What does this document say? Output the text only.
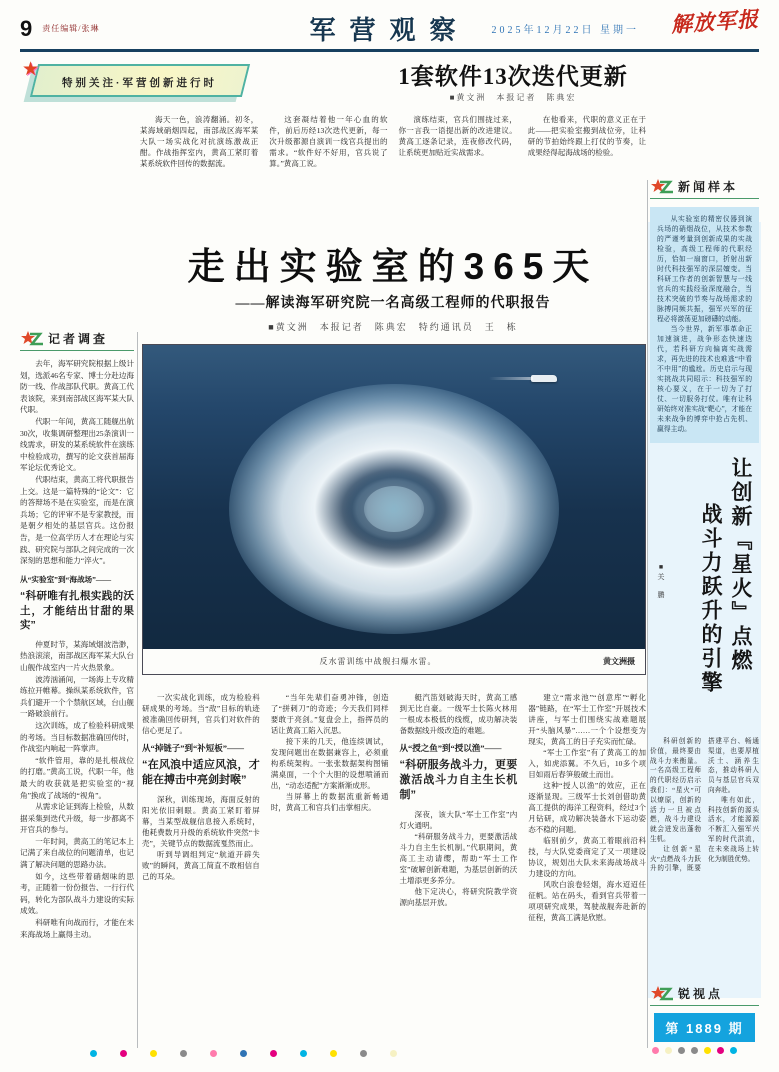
9 责任编辑/张琳	军营观察	2025年12月22日 星期一 解放军报
★
特别关注·军营创新进行时	1套软件13次迭代更新
■黄文洲　本报记者　陈典宏

海天一色，浪涛翻涌。初冬，某海域硝烟四起，南部战区海军某大队一场实战化对抗演练激战正酣。作战指挥室内，黄高工紧盯着某系统软件回传的数据流。

这套凝结着他一年心血的软件，前后历经13次迭代更新，每一次升级都源自演训一线官兵提出的需求。“软件好不好用，官兵说了算。”黄高工说。

演练结束，官兵们围拢过来，你一言我一语提出新的改进建议。黄高工逐条记录，连夜修改代码，让系统更加贴近实战需求。

在他看来，代职的意义正在于此——把实验室搬到战位旁，让科研的节拍始终跟上打仗的节奏，让成果经得起海战场的检验。

走出实验室的365天
——解读海军研究院一名高级工程师的代职报告
■黄文洲　本报记者　陈典宏　特约通讯员　王　栋
反水雷训练中战舰扫爆水雷。	黄文洲摄

一次实战化训练，成为检验科研成果的考场。当“敌”目标的轨迹被准确回传研判，官兵们对软件的信心更足了。

从“掉链子”到“补短板”——

“在风浪中适应风浪，才能在搏击中亮剑封喉”

深秋，训练现场，海面反射的阳光依旧刺眼。黄高工紧盯着屏幕，当某型战舰信息接入系统时，他耗费数月升级的系统软件突然“卡壳”，关键节点的数据流戛然而止。

听到导调组判定“航道开辟失败”的瞬间，黄高工简直不敢相信自己的耳朵。

“当年先辈们奋勇冲锋，创造了“拼刺刀”的奇迹；今天我们同样要敢于亮剑。”复盘会上，指挥员的话让黄高工陷入沉思。

接下来的几天，他连续调试，发现问题出在数据兼容上，必须重构系统架构。一张张数据架构图铺满桌面，一个个大胆的设想喷涌而出，“动态适配”方案渐渐成形。

当屏幕上的数据流重新畅通时，黄高工和官兵们击掌相庆。

艇汽笛划破海天时，黄高工感到无比自豪。一级军士长陈火林用一根成本极低的线缆，成功解决装备数据线升级改造的难题。

从“授之鱼”到“授以渔”——

“科研服务战斗力，更要激活战斗力自主生长机制”

深夜，该大队“军士工作室”内灯火通明。

“科研服务战斗力，更要激活战斗力自主生长机制。”代职期间，黄高工主动请缨，帮助“军士工作室”破解创新难题，为基层创新的沃土增添更多养分。

他下定决心，将研究院教学资源向基层开放。

建立“需求池”“创意库”“孵化器”链路，在“军士工作室”开展技术讲座，与军士们围绕实战难题展开“头脑风暴”……一个个设想变为现实，黄高工的日子充实而忙碌。

“军士工作室”有了黄高工的加入，如虎添翼。不久后，10多个项目如雨后春笋般破土而出。

这种“授人以渔”的效应，正在逐渐显现。三级军士长刘创借助黄高工提供的海洋工程资料，经过3个月钻研，成功解决装备水下运动姿态不稳的问题。

临别前夕，黄高工着眼前沿科技，与大队党委商定了又一项建设协议，规划出大队未来海战场战斗力建设的方向。

风吹白浪卷轻烟，海水迢迢任征帆。站在码头，看到官兵带着一项项研究成果，驾驶战舰奔赴新的征程，黄高工满是欣慰。

记者调查

去年，海军研究院根据上级计划，选派46名专家、博士分赴边海防一线、作战部队代职。黄高工代表该院，来到南部战区海军某大队代职。

代职一年间，黄高工随舰出航30次，收集调研整理出25条演训一线需求，研发的某系统软件在演练中检验成功，撰写的论文获首届海军论坛优秀论文。

代职结束，黄高工将代职报告上交。这是一篇特殊的“论文”：它的答辩场不是在实验室，而是在演兵场；它的评审不是专家教授，而是朝夕相处的基层官兵。这份报告，是一位高学历人才在理论与实践、研究院与部队之间完成的一次深刻的思想和能力“淬火”。

从“实验室”到“海战场”——

“科研唯有扎根实践的沃土，才能结出甘甜的果实”

仲夏时节，某海域烟波浩渺，热浪滚滚，南部战区海军某大队台山舰作战室内一片火热景象。

波涛汹涌间，一场海上专攻精练拉开帷幕。操纵某系统软件，官兵们避开一个个禁航区域，台山舰一路破浪前行。

这次训练，成了检验科研成果的考场。当目标数据准确回传时，作战室内响起一阵掌声。

“软件管用，靠的是扎根战位的打磨。”黄高工说，代职一年，他最大的收获就是把实验室的“视角”换成了战场的“视角”。

从需求论证到海上检验，从数据采集到迭代升级，每一步都离不开官兵的参与。

一年时间，黄高工的笔记本上记满了来自战位的问题清单，也记满了解决问题的思路办法。

如今，这些带着硝烟味的思考，正随着一份份报告、一行行代码，转化为部队战斗力建设的实际成效。

科研唯有向战而行，才能在未来海战场上赢得主动。

新闻样本

从实验室的精密仪器到演兵场的硝烟战位，从技术参数的严谨考量到创新成果的实战检验，高级工程师的代职经历，恰如一扇窗口，折射出新时代科技强军的深层嬗变。当科研工作者的创新智慧与一线官兵的实践经验深度融合，当技术突破的节奏与战场需求的脉搏同频共振，强军兴军的征程必将激荡更加磅礴的动能。

当今世界，新军事革命正加速演进，战争形态快速迭代，若科研方向偏离实战需求，再先进的技术也难逃“中看不中用”的尴尬。历史启示与现实挑战共同昭示：科技强军的核心要义，在于一切为了打仗、一切服务打仗。唯有让科研始终对准实战“靶心”，才能在未来战争的博弈中抢占先机、赢得主动。

让创新『星火』点燃
战斗力跃升的引擎
■关　鹏

科研创新的价值，最终要由战斗力来衡量。一名高级工程师的代职经历启示我们：“星火”可以燎原，创新的活力一旦被点燃，战斗力建设就会迸发出蓬勃生机。

让创新“星火”点燃战斗力跃升的引擎，既要搭建平台、畅通渠道，也要厚植沃土、涵养生态，推动科研人员与基层官兵双向奔赴。

唯有如此，科技创新的源头活水，才能源源不断汇入强军兴军的时代洪流，在未来战场上转化为制胜优势。

锐视点
第 1889 期
